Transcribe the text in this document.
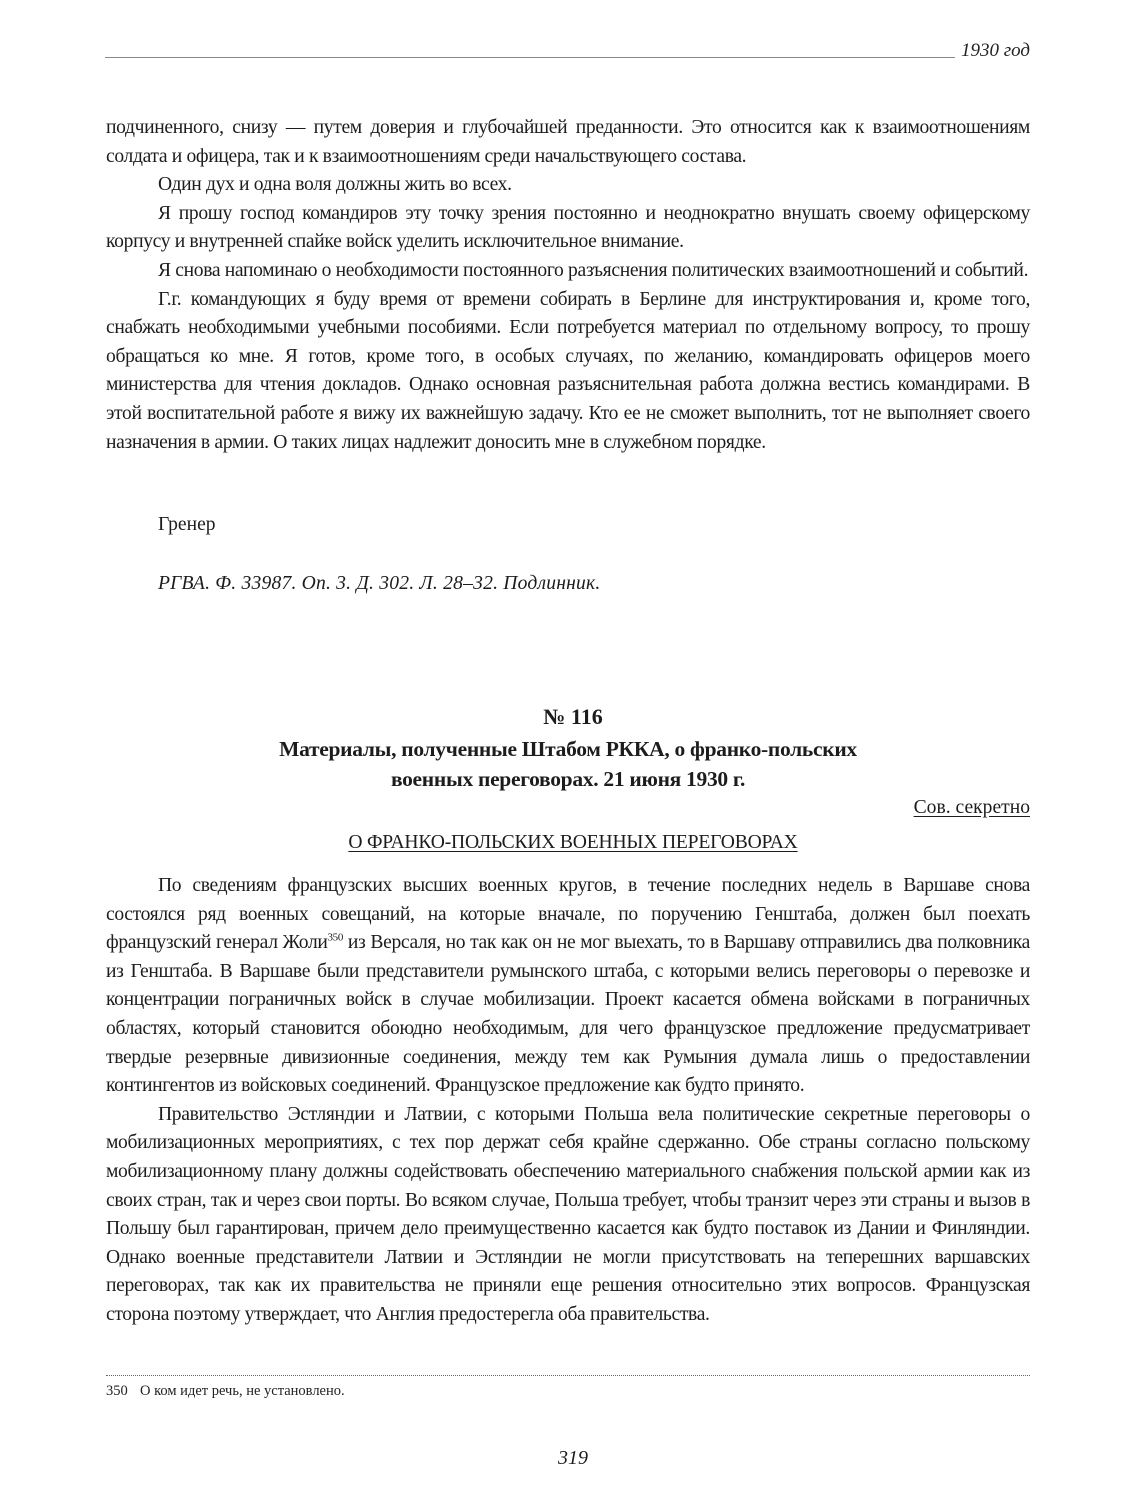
1930 год

подчиненного, снизу — путем доверия и глубочайшей преданности. Это относится как к взаимоотношениям солдата и офицера, так и к взаимоотношениям среди начальствующего состава.

Один дух и одна воля должны жить во всех.

Я прошу господ командиров эту точку зрения постоянно и неоднократно внушать своему офицерскому корпусу и внутренней спайке войск уделить исключительное внимание.

Я снова напоминаю о необходимости постоянного разъяснения политических взаимоотношений и событий.

Г.г. командующих я буду время от времени собирать в Берлине для инструктирования и, кроме того, снабжать необходимыми учебными пособиями. Если потребуется материал по отдельному вопросу, то прошу обращаться ко мне. Я готов, кроме того, в особых случаях, по желанию, командировать офицеров моего министерства для чтения докладов. Однако основная разъяснительная работа должна вестись командирами. В этой воспитательной работе я вижу их важнейшую задачу. Кто ее не сможет выполнить, тот не выполняет своего назначения в армии. О таких лицах надлежит доносить мне в служебном порядке.

Гренер
РГВА. Ф. 33987. Оп. 3. Д. 302. Л. 28–32. Подлинник.
№ 116
Материалы, полученные Штабом РККА, о франко-польских
военных переговорах. 21 июня 1930 г.
Сов. секретно
О ФРАНКО-ПОЛЬСКИХ ВОЕННЫХ ПЕРЕГОВОРАХ

По сведениям французских высших военных кругов, в течение последних недель в Варшаве снова состоялся ряд военных совещаний, на которые вначале, по поручению Генштаба, должен был поехать французский генерал Жоли$^{350}$ из Версаля, но так как он не мог выехать, то в Варшаву отправились два полковника из Генштаба. В Варшаве были представители румынского штаба, с которыми велись переговоры о перевозке и концентрации пограничных войск в случае мобилизации. Проект касается обмена войсками в пограничных областях, который становится обоюдно необходимым, для чего французское предложение предусматривает твердые резервные дивизионные соединения, между тем как Румыния думала лишь о предоставлении контингентов из войсковых соединений. Французское предложение как будто принято.

Правительство Эстляндии и Латвии, с которыми Польша вела политические секретные переговоры о мобилизационных мероприятиях, с тех пор держат себя крайне сдержанно. Обе страны согласно польскому мобилизационному плану должны содействовать обеспечению материального снабжения польской армии как из своих стран, так и через свои порты. Во всяком случае, Польша требует, чтобы транзит через эти страны и вызов в Польшу был гарантирован, причем дело преимущественно касается как будто поставок из Дании и Финляндии. Однако военные представители Латвии и Эстляндии не могли присутствовать на теперешних варшавских переговорах, так как их правительства не приняли еще решения относительно этих вопросов. Французская сторона поэтому утверждает, что Англия предостерегла оба правительства.

350 О ком идет речь, не установлено.
319
